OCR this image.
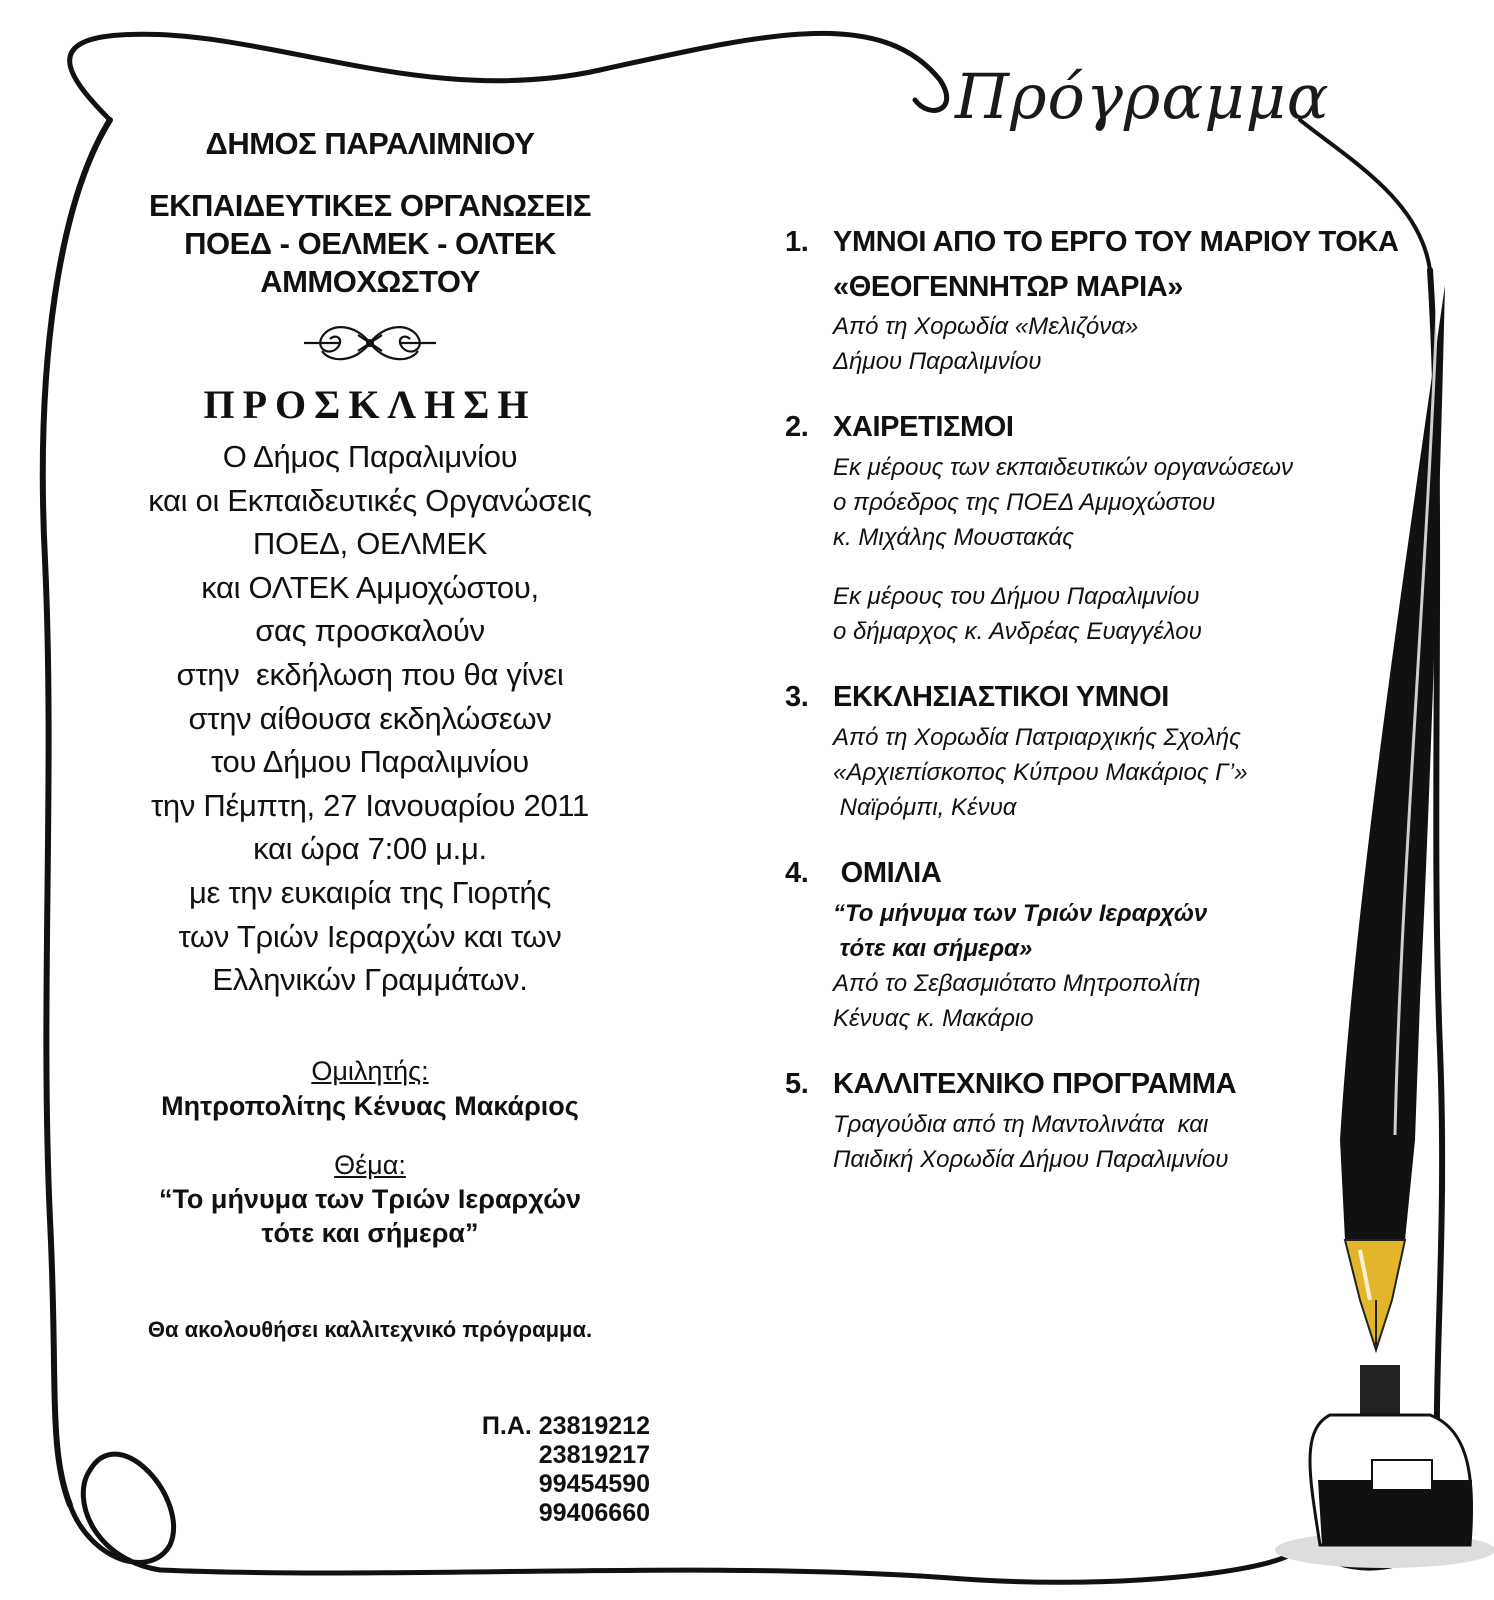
ΔΗΜΟΣ ΠΑΡΑΛΙΜΝΙΟΥ
ΕΚΠΑΙΔΕΥΤΙΚΕΣ ΟΡΓΑΝΩΣΕΙΣ
ΠΟΕΔ - ΟΕΛΜΕΚ - ΟΛΤΕΚ
ΑΜΜΟΧΩΣΤΟΥ
ΠΡΟΣΚΛΗΣΗ
Ο Δήμος Παραλιμνίου
και οι Εκπαιδευτικές Οργανώσεις
ΠΟΕΔ, ΟΕΛΜΕΚ
και ΟΛΤΕΚ Αμμοχώστου,
σας προσκαλούν
στην  εκδήλωση που θα γίνει
στην αίθουσα εκδηλώσεων
του Δήμου Παραλιμνίου
την Πέμπτη, 27 Ιανουαρίου 2011
και ώρα 7:00 μ.μ.
με την ευκαιρία της Γιορτής
των Τριών Ιεραρχών και των
Ελληνικών Γραμμάτων.
Ομιλητής:
Μητροπολίτης Κένυας Μακάριος
Θέμα:
“Το μήνυμα των Τριών Ιεραρχών
τότε και σήμερα”
Θα ακολουθήσει καλλιτεχνικό πρόγραμμα.
Π.Α. 23819212
23819217
99454590
99406660
Πρόγραμμα
1. ΥΜΝΟΙ ΑΠΟ ΤΟ ΕΡΓΟ ΤΟΥ ΜΑΡΙΟΥ ΤΟΚΑ
«ΘΕΟΓΕΝΝΗΤΩΡ ΜΑΡΙΑ»
Από τη Χορωδία «Μελιζόνα»
Δήμου Παραλιμνίου
2. ΧΑΙΡΕΤΙΣΜΟΙ
Εκ μέρους των εκπαιδευτικών οργανώσεων
ο πρόεδρος της ΠΟΕΔ Αμμοχώστου
κ. Μιχάλης Μουστακάς
Εκ μέρους του Δήμου Παραλιμνίου
ο δήμαρχος κ. Ανδρέας Ευαγγέλου
3. ΕΚΚΛΗΣΙΑΣΤΙΚΟΙ ΥΜΝΟΙ
Από τη Χορωδία Πατριαρχικής Σχολής
«Αρχιεπίσκοπος Κύπρου Μακάριος Γ’»
Ναϊρόμπι, Κένυα
4. ΟΜΙΛΙΑ
“Το μήνυμα των Τριών Ιεραρχών
τότε και σήμερα»
Από το Σεβασμιότατο Μητροπολίτη
Κένυας κ. Μακάριο
5. ΚΑΛΛΙΤΕΧΝΙΚΟ ΠΡΟΓΡΑΜΜΑ
Τραγούδια από τη Μαντολινάτα  και
Παιδική Χορωδία Δήμου Παραλιμνίου
